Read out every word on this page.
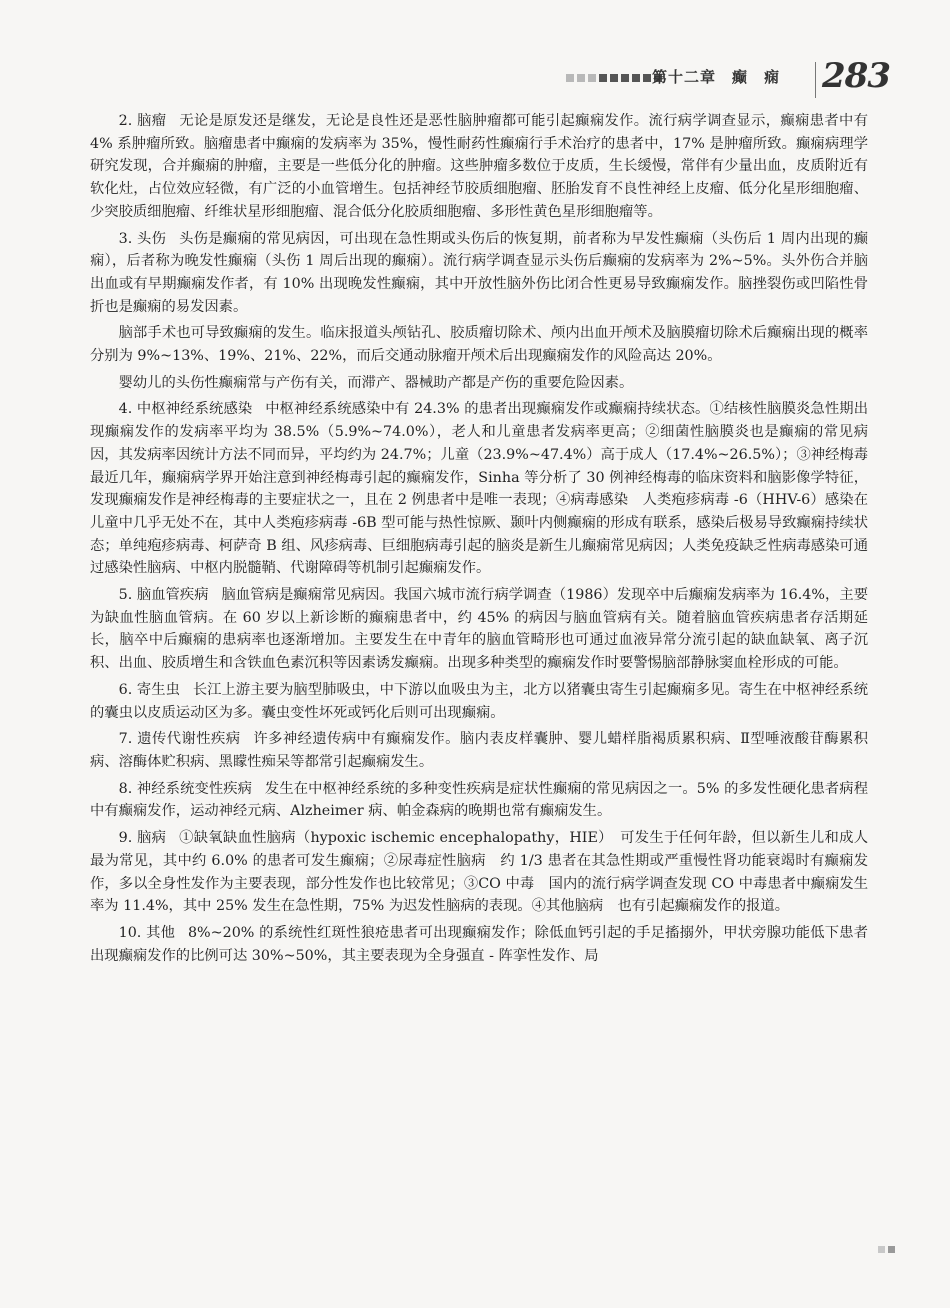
第十二章　癫　痫 283

2. 脑瘤 无论是原发还是继发，无论是良性还是恶性脑肿瘤都可能引起癫痫发作。流行病学调查显示，癫痫患者中有 4% 系肿瘤所致。脑瘤患者中癫痫的发病率为 35%，慢性耐药性癫痫行手术治疗的患者中，17% 是肿瘤所致。癫痫病理学研究发现，合并癫痫的肿瘤，主要是一些低分化的肿瘤。这些肿瘤多数位于皮质，生长缓慢，常伴有少量出血，皮质附近有软化灶，占位效应轻微，有广泛的小血管增生。包括神经节胶质细胞瘤、胚胎发育不良性神经上皮瘤、低分化星形细胞瘤、少突胶质细胞瘤、纤维状星形细胞瘤、混合低分化胶质细胞瘤、多形性黄色星形细胞瘤等。

3. 头伤 头伤是癫痫的常见病因，可出现在急性期或头伤后的恢复期，前者称为早发性癫痫（头伤后 1 周内出现的癫痫），后者称为晚发性癫痫（头伤 1 周后出现的癫痫）。流行病学调查显示头伤后癫痫的发病率为 2%~5%。头外伤合并脑出血或有早期癫痫发作者，有 10% 出现晚发性癫痫，其中开放性脑外伤比闭合性更易导致癫痫发作。脑挫裂伤或凹陷性骨折也是癫痫的易发因素。

脑部手术也可导致癫痫的发生。临床报道头颅钻孔、胶质瘤切除术、颅内出血开颅术及脑膜瘤切除术后癫痫出现的概率分别为 9%~13%、19%、21%、22%，而后交通动脉瘤开颅术后出现癫痫发作的风险高达 20%。

婴幼儿的头伤性癫痫常与产伤有关，而滞产、器械助产都是产伤的重要危险因素。

4. 中枢神经系统感染 中枢神经系统感染中有 24.3% 的患者出现癫痫发作或癫痫持续状态。①结核性脑膜炎急性期出现癫痫发作的发病率平均为 38.5%（5.9%~74.0%），老人和儿童患者发病率更高；②细菌性脑膜炎也是癫痫的常见病因，其发病率因统计方法不同而异，平均约为 24.7%；儿童（23.9%~47.4%）高于成人（17.4%~26.5%）；③神经梅毒　最近几年，癫痫病学界开始注意到神经梅毒引起的癫痫发作，Sinha 等分析了 30 例神经梅毒的临床资料和脑影像学特征，发现癫痫发作是神经梅毒的主要症状之一，且在 2 例患者中是唯一表现；④病毒感染　人类疱疹病毒 -6（HHV-6）感染在儿童中几乎无处不在，其中人类疱疹病毒 -6B 型可能与热性惊厥、颞叶内侧癫痫的形成有联系，感染后极易导致癫痫持续状态；单纯疱疹病毒、柯萨奇 B 组、风疹病毒、巨细胞病毒引起的脑炎是新生儿癫痫常见病因；人类免疫缺乏性病毒感染可通过感染性脑病、中枢内脱髓鞘、代谢障碍等机制引起癫痫发作。

5. 脑血管疾病 脑血管病是癫痫常见病因。我国六城市流行病学调查（1986）发现卒中后癫痫发病率为 16.4%，主要为缺血性脑血管病。在 60 岁以上新诊断的癫痫患者中，约 45% 的病因与脑血管病有关。随着脑血管疾病患者存活期延长，脑卒中后癫痫的患病率也逐渐增加。主要发生在中青年的脑血管畸形也可通过血液异常分流引起的缺血缺氧、离子沉积、出血、胶质增生和含铁血色素沉积等因素诱发癫痫。出现多种类型的癫痫发作时要警惕脑部静脉窦血栓形成的可能。

6. 寄生虫 长江上游主要为脑型肺吸虫，中下游以血吸虫为主，北方以猪囊虫寄生引起癫痫多见。寄生在中枢神经系统的囊虫以皮质运动区为多。囊虫变性坏死或钙化后则可出现癫痫。

7. 遗传代谢性疾病 许多神经遗传病中有癫痫发作。脑内表皮样囊肿、婴儿蜡样脂褐质累积病、Ⅱ型唾液酸苷酶累积病、溶酶体贮积病、黑矇性痴呆等都常引起癫痫发生。

8. 神经系统变性疾病 发生在中枢神经系统的多种变性疾病是症状性癫痫的常见病因之一。5% 的多发性硬化患者病程中有癫痫发作，运动神经元病、Alzheimer 病、帕金森病的晚期也常有癫痫发生。

9. 脑病 ①缺氧缺血性脑病（hypoxic ischemic encephalopathy，HIE）　可发生于任何年龄，但以新生儿和成人最为常见，其中约 6.0% 的患者可发生癫痫；②尿毒症性脑病　约 1/3 患者在其急性期或严重慢性肾功能衰竭时有癫痫发作，多以全身性发作为主要表现，部分性发作也比较常见；③CO 中毒　国内的流行病学调查发现 CO 中毒患者中癫痫发生率为 11.4%，其中 25% 发生在急性期，75% 为迟发性脑病的表现。④其他脑病　也有引起癫痫发作的报道。

10. 其他 8%~20% 的系统性红斑性狼疮患者可出现癫痫发作；除低血钙引起的手足搐搦外，甲状旁腺功能低下患者出现癫痫发作的比例可达 30%~50%，其主要表现为全身强直 - 阵挛性发作、局
